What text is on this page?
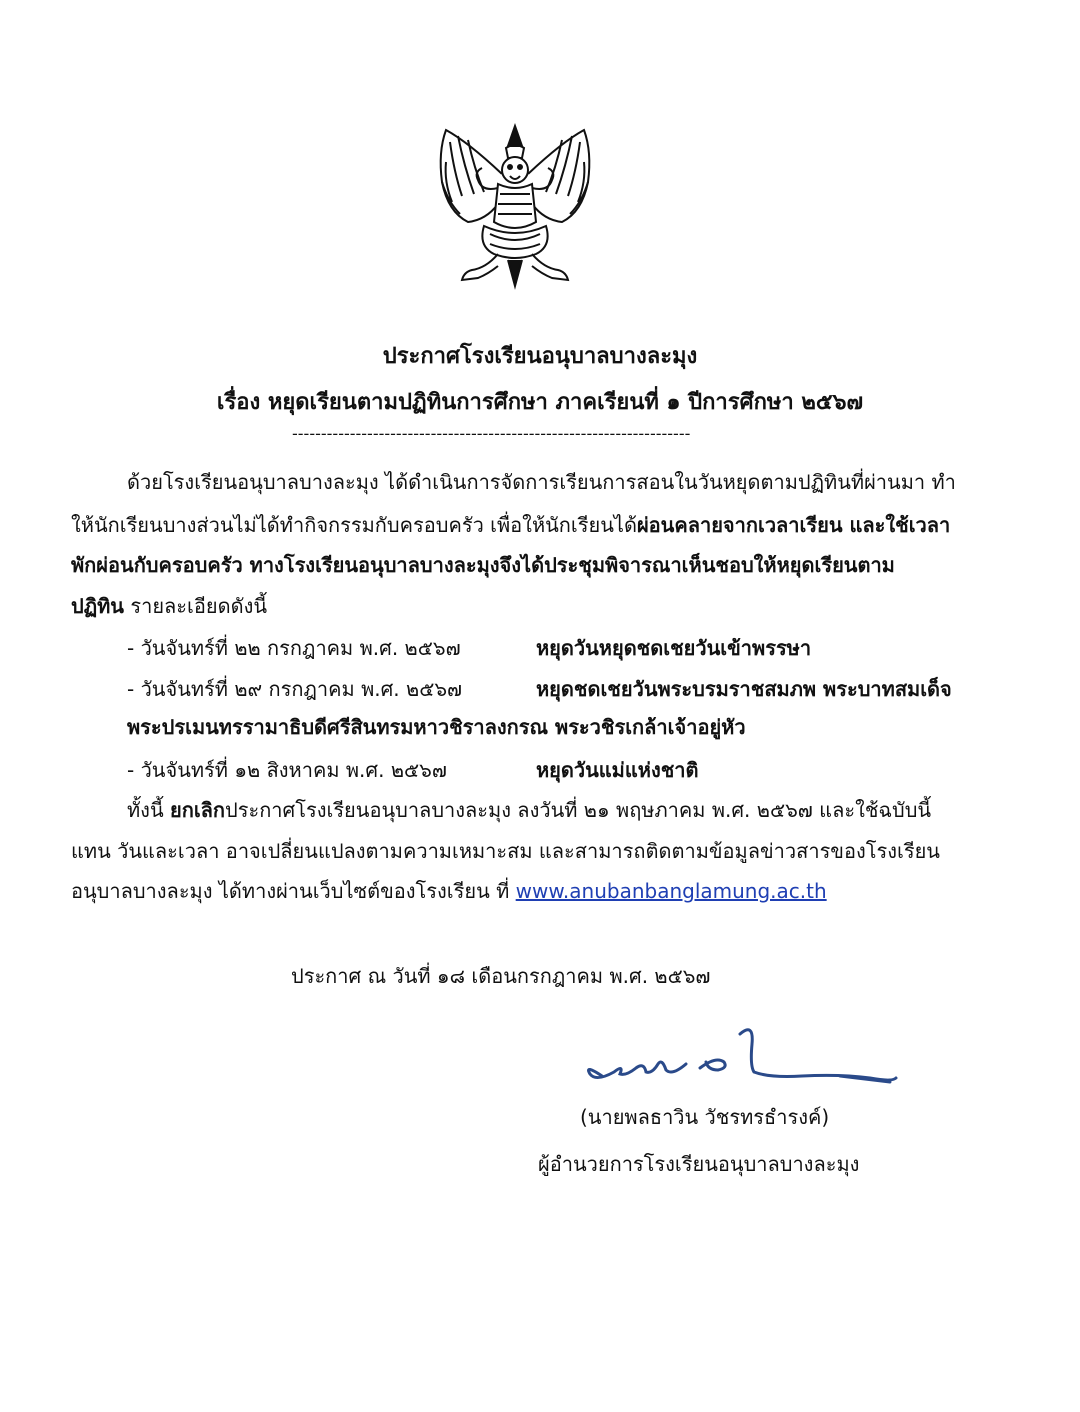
ประกาศโรงเรียนอนุบาลบางละมุง
เรื่อง หยุดเรียนตามปฏิทินการศึกษา ภาคเรียนที่ ๑ ปีการศึกษา ๒๕๖๗
---------------------------------------------------------------------
ด้วยโรงเรียนอนุบาลบางละมุง ได้ดำเนินการจัดการเรียนการสอนในวันหยุดตามปฏิทินที่ผ่านมา ทำ
ให้นักเรียนบางส่วนไม่ได้ทำกิจกรรมกับครอบครัว เพื่อให้นักเรียนได้ผ่อนคลายจากเวลาเรียน และใช้เวลา
พักผ่อนกับครอบครัว ทางโรงเรียนอนุบาลบางละมุงจึงได้ประชุมพิจารณาเห็นชอบให้หยุดเรียนตาม
ปฏิทิน รายละเอียดดังนี้
- วันจันทร์ที่ ๒๒ กรกฎาคม พ.ศ. ๒๕๖๗	หยุดวันหยุดชดเชยวันเข้าพรรษา
- วันจันทร์ที่ ๒๙ กรกฎาคม พ.ศ. ๒๕๖๗	หยุดชดเชยวันพระบรมราชสมภพ พระบาทสมเด็จ
พระปรเมนทรรามาธิบดีศรีสินทรมหาวชิราลงกรณ พระวชิรเกล้าเจ้าอยู่หัว
- วันจันทร์ที่ ๑๒ สิงหาคม พ.ศ. ๒๕๖๗	หยุดวันแม่แห่งชาติ
ทั้งนี้ ยกเลิกประกาศโรงเรียนอนุบาลบางละมุง ลงวันที่ ๒๑ พฤษภาคม พ.ศ. ๒๕๖๗ และใช้ฉบับนี้
แทน วันและเวลา อาจเปลี่ยนแปลงตามความเหมาะสม และสามารถติดตามข้อมูลข่าวสารของโรงเรียน
อนุบาลบางละมุง ได้ทางผ่านเว็บไซต์ของโรงเรียน ที่ www.anubanbanglamung.ac.th
ประกาศ ณ วันที่ ๑๘ เดือนกรกฎาคม พ.ศ. ๒๕๖๗
(นายพลธาวิน วัชรทรธำรงค์)
ผู้อำนวยการโรงเรียนอนุบาลบางละมุง
